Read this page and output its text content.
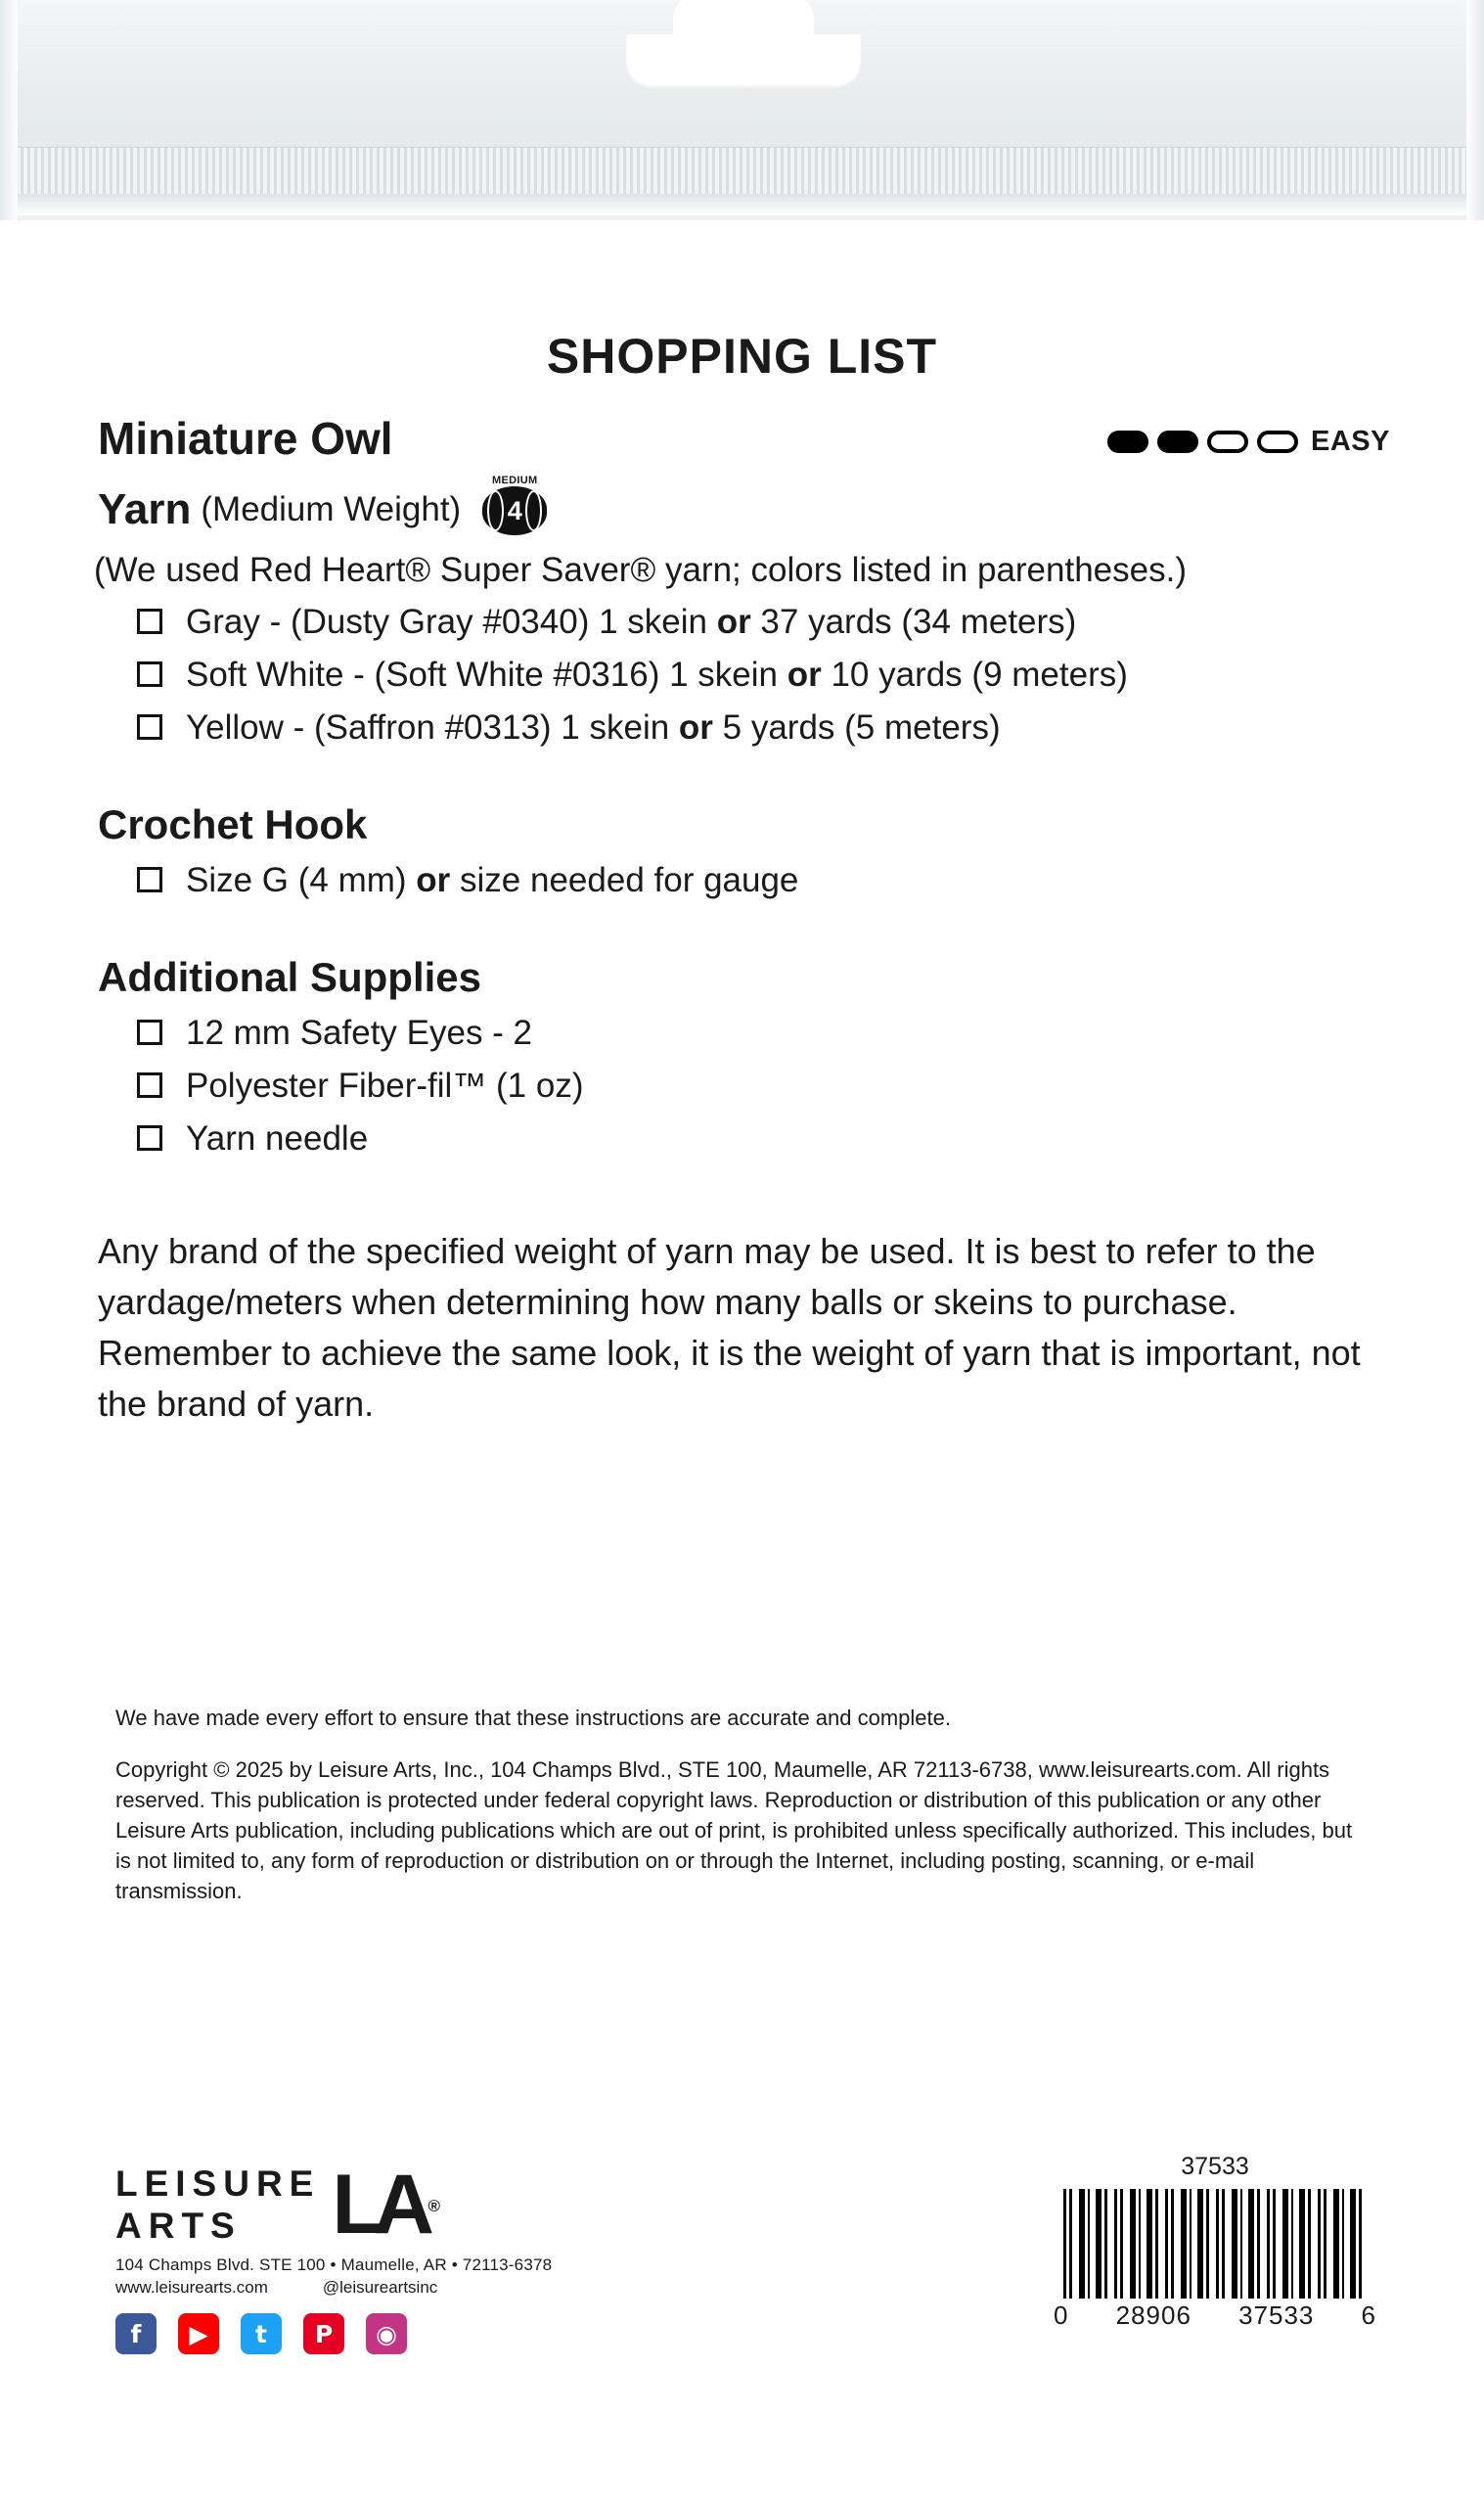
SHOPPING LIST
Miniature Owl	EASY
Yarn (Medium Weight)
MEDIUM
4
(We used Red Heart® Super Saver® yarn; colors listed in parentheses.)
Gray - (Dusty Gray #0340) 1 skein or 37 yards (34 meters)
Soft White - (Soft White #0316) 1 skein or 10 yards (9 meters)
Yellow - (Saffron #0313) 1 skein or 5 yards (5 meters)
Crochet Hook
Size G (4 mm) or size needed for gauge
Additional Supplies
12 mm Safety Eyes - 2
Polyester Fiber-fil™ (1 oz)
Yarn needle
Any brand of the specified weight of yarn may be used. It is best to refer to the yardage/meters when determining how many balls or skeins to purchase. Remember to achieve the same look, it is the weight of yarn that is important, not the brand of yarn.
We have made every effort to ensure that these instructions are accurate and complete.
Copyright © 2025 by Leisure Arts, Inc., 104 Champs Blvd., STE 100, Maumelle, AR 72113-6738, www.leisurearts.com. All rights reserved. This publication is protected under federal copyright laws. Reproduction or distribution of this publication or any other Leisure Arts publication, including publications which are out of print, is prohibited unless specifically authorized. This includes, but is not limited to, any form of reproduction or distribution on or through the Internet, including posting, scanning, or e-mail transmission.
LEISURE
ARTS	LA ®
104 Champs Blvd. STE 100 • Maumelle, AR • 72113-6378
www.leisurearts.com	@leisureartsinc
f	▶	t	P	◉
37533
0 28906 37533 6
